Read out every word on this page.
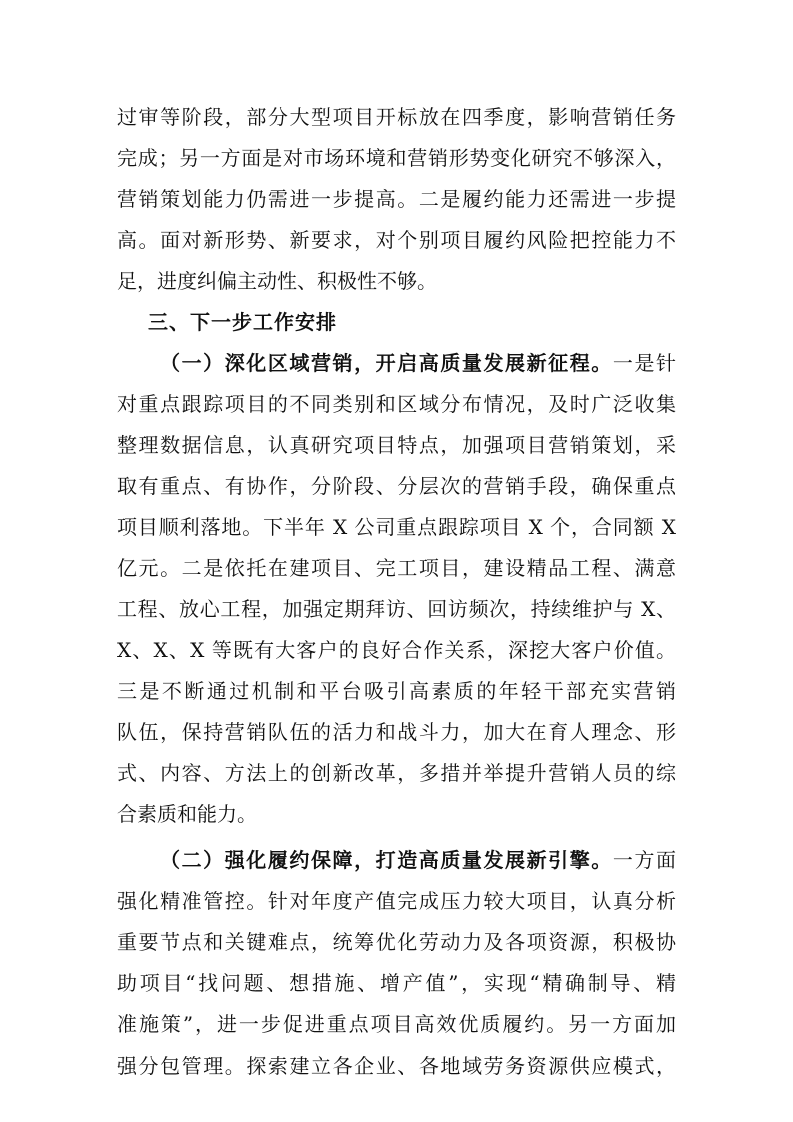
过审等阶段，部分大型项目开标放在四季度，影响营销任务
完成；另一方面是对市场环境和营销形势变化研究不够深入，
营销策划能力仍需进一步提高。二是履约能力还需进一步提
高。面对新形势、新要求，对个别项目履约风险把控能力不
足，进度纠偏主动性、积极性不够。
三、下一步工作安排
（一）深化区域营销，开启高质量发展新征程。一是针
对重点跟踪项目的不同类别和区域分布情况，及时广泛收集
整理数据信息，认真研究项目特点，加强项目营销策划，采
取有重点、有协作，分阶段、分层次的营销手段，确保重点
项目顺利落地。下半年 X 公司重点跟踪项目 X 个，合同额 X
亿元。二是依托在建项目、完工项目，建设精品工程、满意
工程、放心工程，加强定期拜访、回访频次，持续维护与 X、
X、X、X 等既有大客户的良好合作关系，深挖大客户价值。
三是不断通过机制和平台吸引高素质的年轻干部充实营销
队伍，保持营销队伍的活力和战斗力，加大在育人理念、形
式、内容、方法上的创新改革，多措并举提升营销人员的综
合素质和能力。
（二）强化履约保障，打造高质量发展新引擎。一方面
强化精准管控。针对年度产值完成压力较大项目，认真分析
重要节点和关键难点，统筹优化劳动力及各项资源，积极协
助项目“找问题、想措施、增产值”，实现“精确制导、精
准施策”，进一步促进重点项目高效优质履约。另一方面加
强分包管理。探索建立各企业、各地域劳务资源供应模式，
